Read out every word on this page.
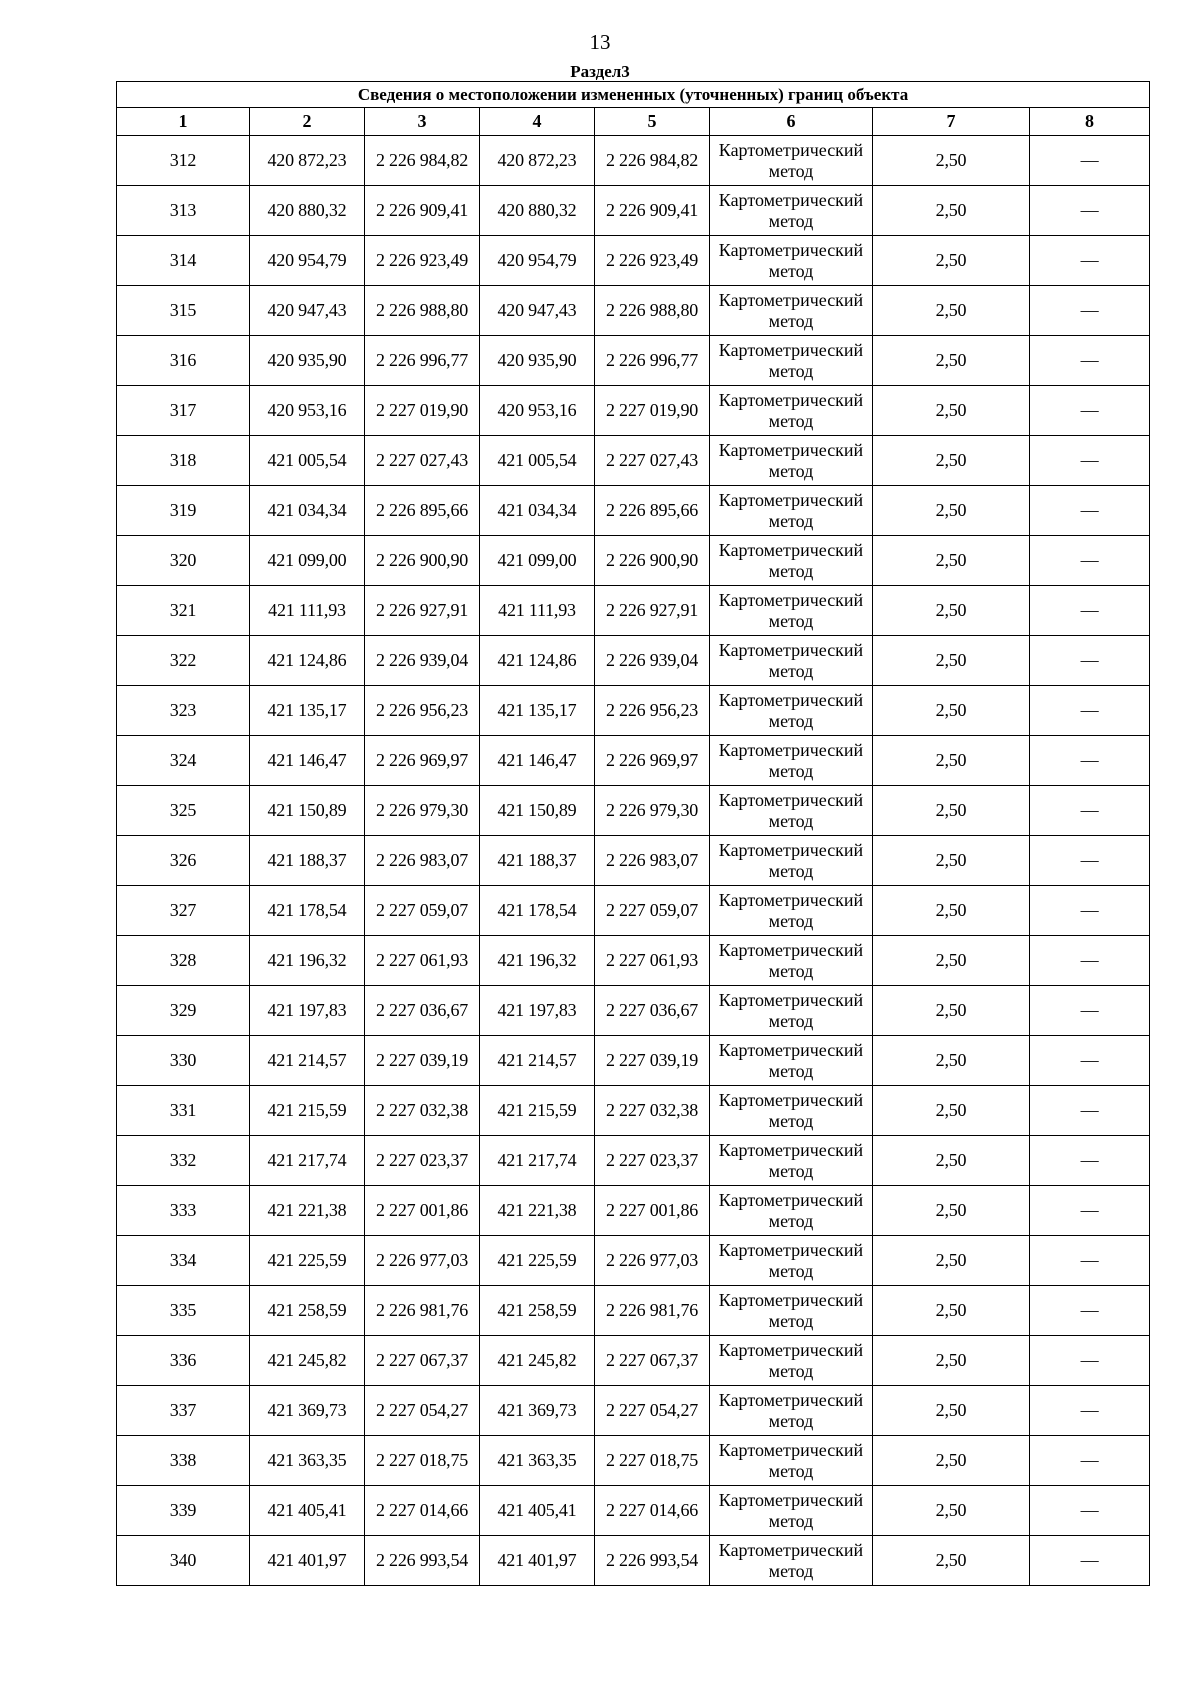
13
Раздел3
Сведения о местоположении измененных (уточненных) границ объекта							
1	2	3	4	5	6	7	8
312	420 872,23	2 226 984,82	420 872,23	2 226 984,82	Картометрический метод	2,50	—
313	420 880,32	2 226 909,41	420 880,32	2 226 909,41	Картометрический метод	2,50	—
314	420 954,79	2 226 923,49	420 954,79	2 226 923,49	Картометрический метод	2,50	—
315	420 947,43	2 226 988,80	420 947,43	2 226 988,80	Картометрический метод	2,50	—
316	420 935,90	2 226 996,77	420 935,90	2 226 996,77	Картометрический метод	2,50	—
317	420 953,16	2 227 019,90	420 953,16	2 227 019,90	Картометрический метод	2,50	—
318	421 005,54	2 227 027,43	421 005,54	2 227 027,43	Картометрический метод	2,50	—
319	421 034,34	2 226 895,66	421 034,34	2 226 895,66	Картометрический метод	2,50	—
320	421 099,00	2 226 900,90	421 099,00	2 226 900,90	Картометрический метод	2,50	—
321	421 111,93	2 226 927,91	421 111,93	2 226 927,91	Картометрический метод	2,50	—
322	421 124,86	2 226 939,04	421 124,86	2 226 939,04	Картометрический метод	2,50	—
323	421 135,17	2 226 956,23	421 135,17	2 226 956,23	Картометрический метод	2,50	—
324	421 146,47	2 226 969,97	421 146,47	2 226 969,97	Картометрический метод	2,50	—
325	421 150,89	2 226 979,30	421 150,89	2 226 979,30	Картометрический метод	2,50	—
326	421 188,37	2 226 983,07	421 188,37	2 226 983,07	Картометрический метод	2,50	—
327	421 178,54	2 227 059,07	421 178,54	2 227 059,07	Картометрический метод	2,50	—
328	421 196,32	2 227 061,93	421 196,32	2 227 061,93	Картометрический метод	2,50	—
329	421 197,83	2 227 036,67	421 197,83	2 227 036,67	Картометрический метод	2,50	—
330	421 214,57	2 227 039,19	421 214,57	2 227 039,19	Картометрический метод	2,50	—
331	421 215,59	2 227 032,38	421 215,59	2 227 032,38	Картометрический метод	2,50	—
332	421 217,74	2 227 023,37	421 217,74	2 227 023,37	Картометрический метод	2,50	—
333	421 221,38	2 227 001,86	421 221,38	2 227 001,86	Картометрический метод	2,50	—
334	421 225,59	2 226 977,03	421 225,59	2 226 977,03	Картометрический метод	2,50	—
335	421 258,59	2 226 981,76	421 258,59	2 226 981,76	Картометрический метод	2,50	—
336	421 245,82	2 227 067,37	421 245,82	2 227 067,37	Картометрический метод	2,50	—
337	421 369,73	2 227 054,27	421 369,73	2 227 054,27	Картометрический метод	2,50	—
338	421 363,35	2 227 018,75	421 363,35	2 227 018,75	Картометрический метод	2,50	—
339	421 405,41	2 227 014,66	421 405,41	2 227 014,66	Картометрический метод	2,50	—
340	421 401,97	2 226 993,54	421 401,97	2 226 993,54	Картометрический метод	2,50	—
